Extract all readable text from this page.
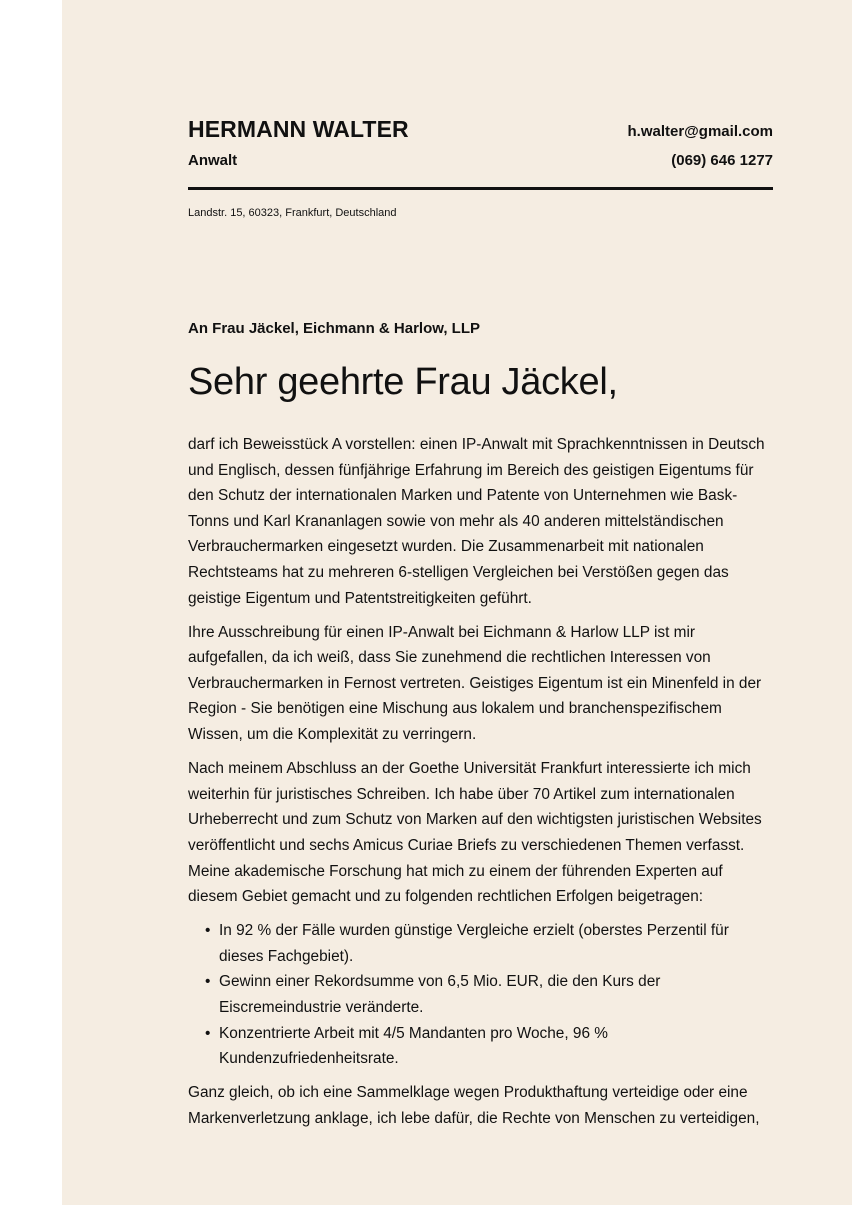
HERMANN WALTER
Anwalt
h.walter@gmail.com
(069) 646 1277⁠
Landstr. 15, 60323, Frankfurt, Deutschland
An Frau Jäckel, Eichmann & Harlow, LLP
Sehr geehrte Frau Jäckel,

darf ich Beweisstück A vorstellen: einen IP-Anwalt mit Sprachkenntnissen in Deutsch und Englisch, dessen fünfjährige Erfahrung im Bereich des geistigen Eigentums für den Schutz der internationalen Marken und Patente von Unternehmen wie Bask-Tonns und Karl Krananlagen sowie von mehr als 40 anderen mittelständischen Verbrauchermarken eingesetzt wurden. Die Zusammenarbeit mit nationalen Rechtsteams hat zu mehreren 6-stelligen Vergleichen bei Verstößen gegen das geistige Eigentum und Patentstreitigkeiten geführt.

Ihre Ausschreibung für einen IP-Anwalt bei Eichmann & Harlow LLP ist mir aufgefallen, da ich weiß, dass Sie zunehmend die rechtlichen Interessen von Verbrauchermarken in Fernost vertreten. Geistiges Eigentum ist ein Minenfeld in der Region - Sie benötigen eine Mischung aus lokalem und branchenspezifischem Wissen, um die Komplexität zu verringern.

Nach meinem Abschluss an der Goethe Universität Frankfurt interessierte ich mich weiterhin für juristisches Schreiben. Ich habe über 70 Artikel zum internationalen Urheberrecht und zum Schutz von Marken auf den wichtigsten juristischen Websites veröffentlicht und sechs Amicus Curiae Briefs zu verschiedenen Themen verfasst. Meine akademische Forschung hat mich zu einem der führenden Experten auf diesem Gebiet gemacht und zu folgenden rechtlichen Erfolgen beigetragen:

• In 92 % der Fälle wurden günstige Vergleiche erzielt (oberstes Perzentil für dieses Fachgebiet).
• Gewinn einer Rekordsumme von 6,5 Mio. EUR, die den Kurs der Eiscremeindustrie veränderte.
• Konzentrierte Arbeit mit 4/5 Mandanten pro Woche, 96 % Kundenzufriedenheitsrate.

Ganz gleich, ob ich eine Sammelklage wegen Produkthaftung verteidige oder eine Markenverletzung anklage, ich lebe dafür, die Rechte von Menschen zu verteidigen,
